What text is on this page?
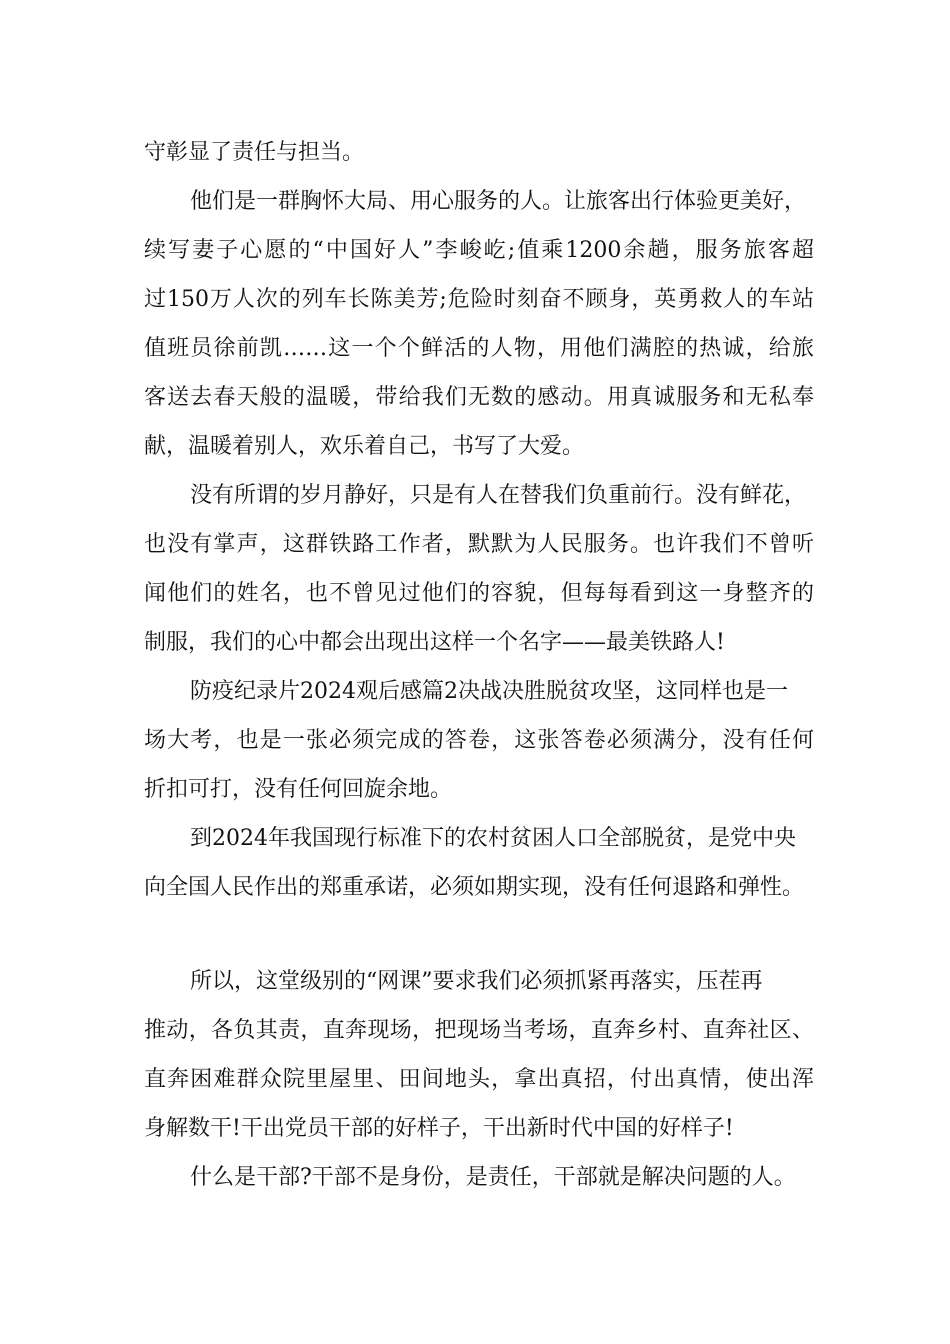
守彰显了责任与担当。
他们是一群胸怀大局、用心服务的人。让旅客出行体验更美好，
续写妻子心愿的“中国好人”李峻屹;值乘1200余趟，服务旅客超
过150万人次的列车长陈美芳;危险时刻奋不顾身，英勇救人的车站
值班员徐前凯……这一个个鲜活的人物，用他们满腔的热诚，给旅
客送去春天般的温暖，带给我们无数的感动。用真诚服务和无私奉
献，温暖着别人，欢乐着自己，书写了大爱。
没有所谓的岁月静好，只是有人在替我们负重前行。没有鲜花，
也没有掌声，这群铁路工作者，默默为人民服务。也许我们不曾听
闻他们的姓名，也不曾见过他们的容貌，但每每看到这一身整齐的
制服，我们的心中都会出现出这样一个名字——最美铁路人!
防疫纪录片2024观后感篇2决战决胜脱贫攻坚，这同样也是一
场大考，也是一张必须完成的答卷，这张答卷必须满分，没有任何
折扣可打，没有任何回旋余地。
到2024年我国现行标准下的农村贫困人口全部脱贫，是党中央
向全国人民作出的郑重承诺，必须如期实现，没有任何退路和弹性。
所以，这堂级别的“网课”要求我们必须抓紧再落实，压茬再
推动，各负其责，直奔现场，把现场当考场，直奔乡村、直奔社区、
直奔困难群众院里屋里、田间地头，拿出真招，付出真情，使出浑
身解数干!干出党员干部的好样子，干出新时代中国的好样子!
什么是干部?干部不是身份，是责任，干部就是解决问题的人。
